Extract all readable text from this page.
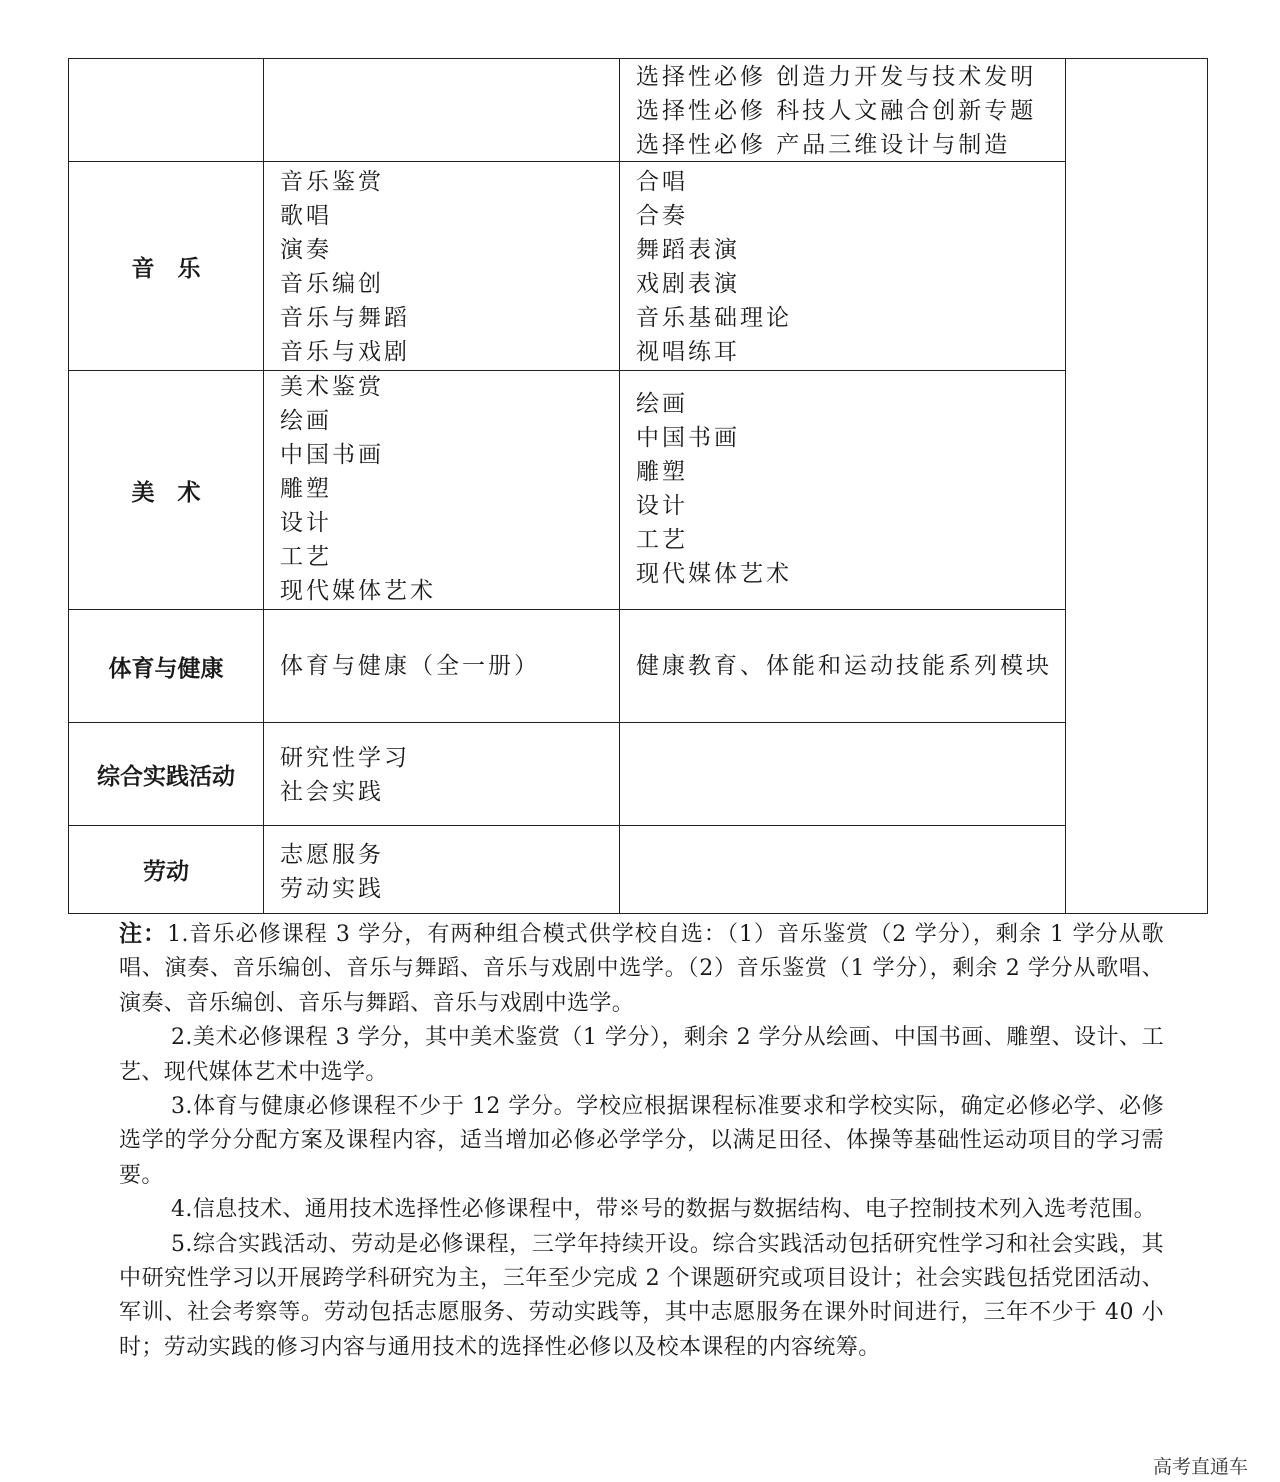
选择性必修 创造力开发与技术发明
选择性必修 科技人文融合创新专题
选择性必修 产品三维设计与制造
音　乐
音乐鉴赏
歌唱
演奏
音乐编创
音乐与舞蹈
音乐与戏剧
合唱
合奏
舞蹈表演
戏剧表演
音乐基础理论
视唱练耳
美　术
美术鉴赏
绘画
中国书画
雕塑
设计
工艺
现代媒体艺术
绘画
中国书画
雕塑
设计
工艺
现代媒体艺术
体育与健康	体育与健康（全一册）	健康教育、体能和运动技能系列模块
综合实践活动
研究性学习
社会实践
劳动
志愿服务
劳动实践

注：1.音乐必修课程 3 学分，有两种组合模式供学校自选：（1）音乐鉴赏（2 学分），剩余 1 学分从歌唱、演奏、音乐编创、音乐与舞蹈、音乐与戏剧中选学。（2）音乐鉴赏（1 学分），剩余 2 学分从歌唱、演奏、音乐编创、音乐与舞蹈、音乐与戏剧中选学。

2.美术必修课程 3 学分，其中美术鉴赏（1 学分），剩余 2 学分从绘画、中国书画、雕塑、设计、工艺、现代媒体艺术中选学。

3.体育与健康必修课程不少于 12 学分。学校应根据课程标准要求和学校实际，确定必修必学、必修选学的学分分配方案及课程内容，适当增加必修必学学分，以满足田径、体操等基础性运动项目的学习需要。

4.信息技术、通用技术选择性必修课程中，带※号的数据与数据结构、电子控制技术列入选考范围。

5.综合实践活动、劳动是必修课程，三学年持续开设。综合实践活动包括研究性学习和社会实践，其中研究性学习以开展跨学科研究为主，三年至少完成 2 个课题研究或项目设计；社会实践包括党团活动、军训、社会考察等。劳动包括志愿服务、劳动实践等，其中志愿服务在课外时间进行，三年不少于 40 小时；劳动实践的修习内容与通用技术的选择性必修以及校本课程的内容统筹。

高考直通车
